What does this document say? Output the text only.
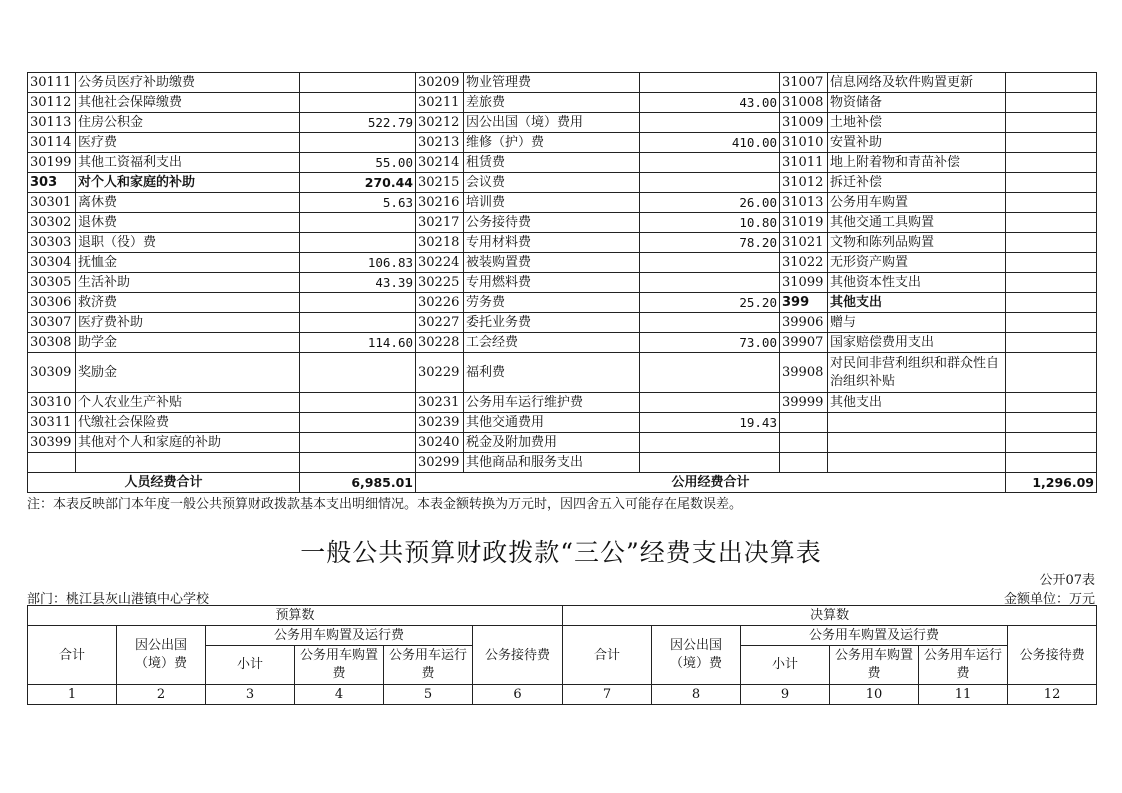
30111	公务员医疗补助缴费		30209	物业管理费		31007	信息网络及软件购置更新	
30112	其他社会保障缴费		30211	差旅费	43.00	31008	物资储备	
30113	住房公积金	522.79	30212	因公出国（境）费用		31009	土地补偿	
30114	医疗费		30213	维修（护）费	410.00	31010	安置补助	
30199	其他工资福利支出	55.00	30214	租赁费		31011	地上附着物和青苗补偿	
303	对个人和家庭的补助	270.44	30215	会议费		31012	拆迁补偿	
30301	离休费	5.63	30216	培训费	26.00	31013	公务用车购置	
30302	退休费		30217	公务接待费	10.80	31019	其他交通工具购置	
30303	退职（役）费		30218	专用材料费	78.20	31021	文物和陈列品购置	
30304	抚恤金	106.83	30224	被装购置费		31022	无形资产购置	
30305	生活补助	43.39	30225	专用燃料费		31099	其他资本性支出	
30306	救济费		30226	劳务费	25.20	399	其他支出	
30307	医疗费补助		30227	委托业务费		39906	赠与	
30308	助学金	114.60	30228	工会经费	73.00	39907	国家赔偿费用支出	
30309	奖励金		30229	福利费		39908	对民间非营利组织和群众性自治组织补贴	
30310	个人农业生产补贴		30231	公务用车运行维护费		39999	其他支出	
30311	代缴社会保险费		30239	其他交通费用	19.43			
30399	其他对个人和家庭的补助		30240	税金及附加费用				
			30299	其他商品和服务支出				
人员经费合计		6,985.01	公用经费合计					1,296.09
注：本表反映部门本年度一般公共预算财政拨款基本支出明细情况。本表金额转换为万元时，因四舍五入可能存在尾数误差。
一般公共预算财政拨款“三公”经费支出决算表
公开07表
部门：桃江县灰山港镇中心学校	金额单位：万元
预算数						决算数					
合计	因公出国（境）费	公务用车购置及运行费			公务接待费	合计	因公出国（境）费	公务用车购置及运行费			公务接待费
		小计	公务用车购置费	公务用车运行费				小计	公务用车购置费	公务用车运行费	
1	2	3	4	5	6	7	8	9	10	11	12
